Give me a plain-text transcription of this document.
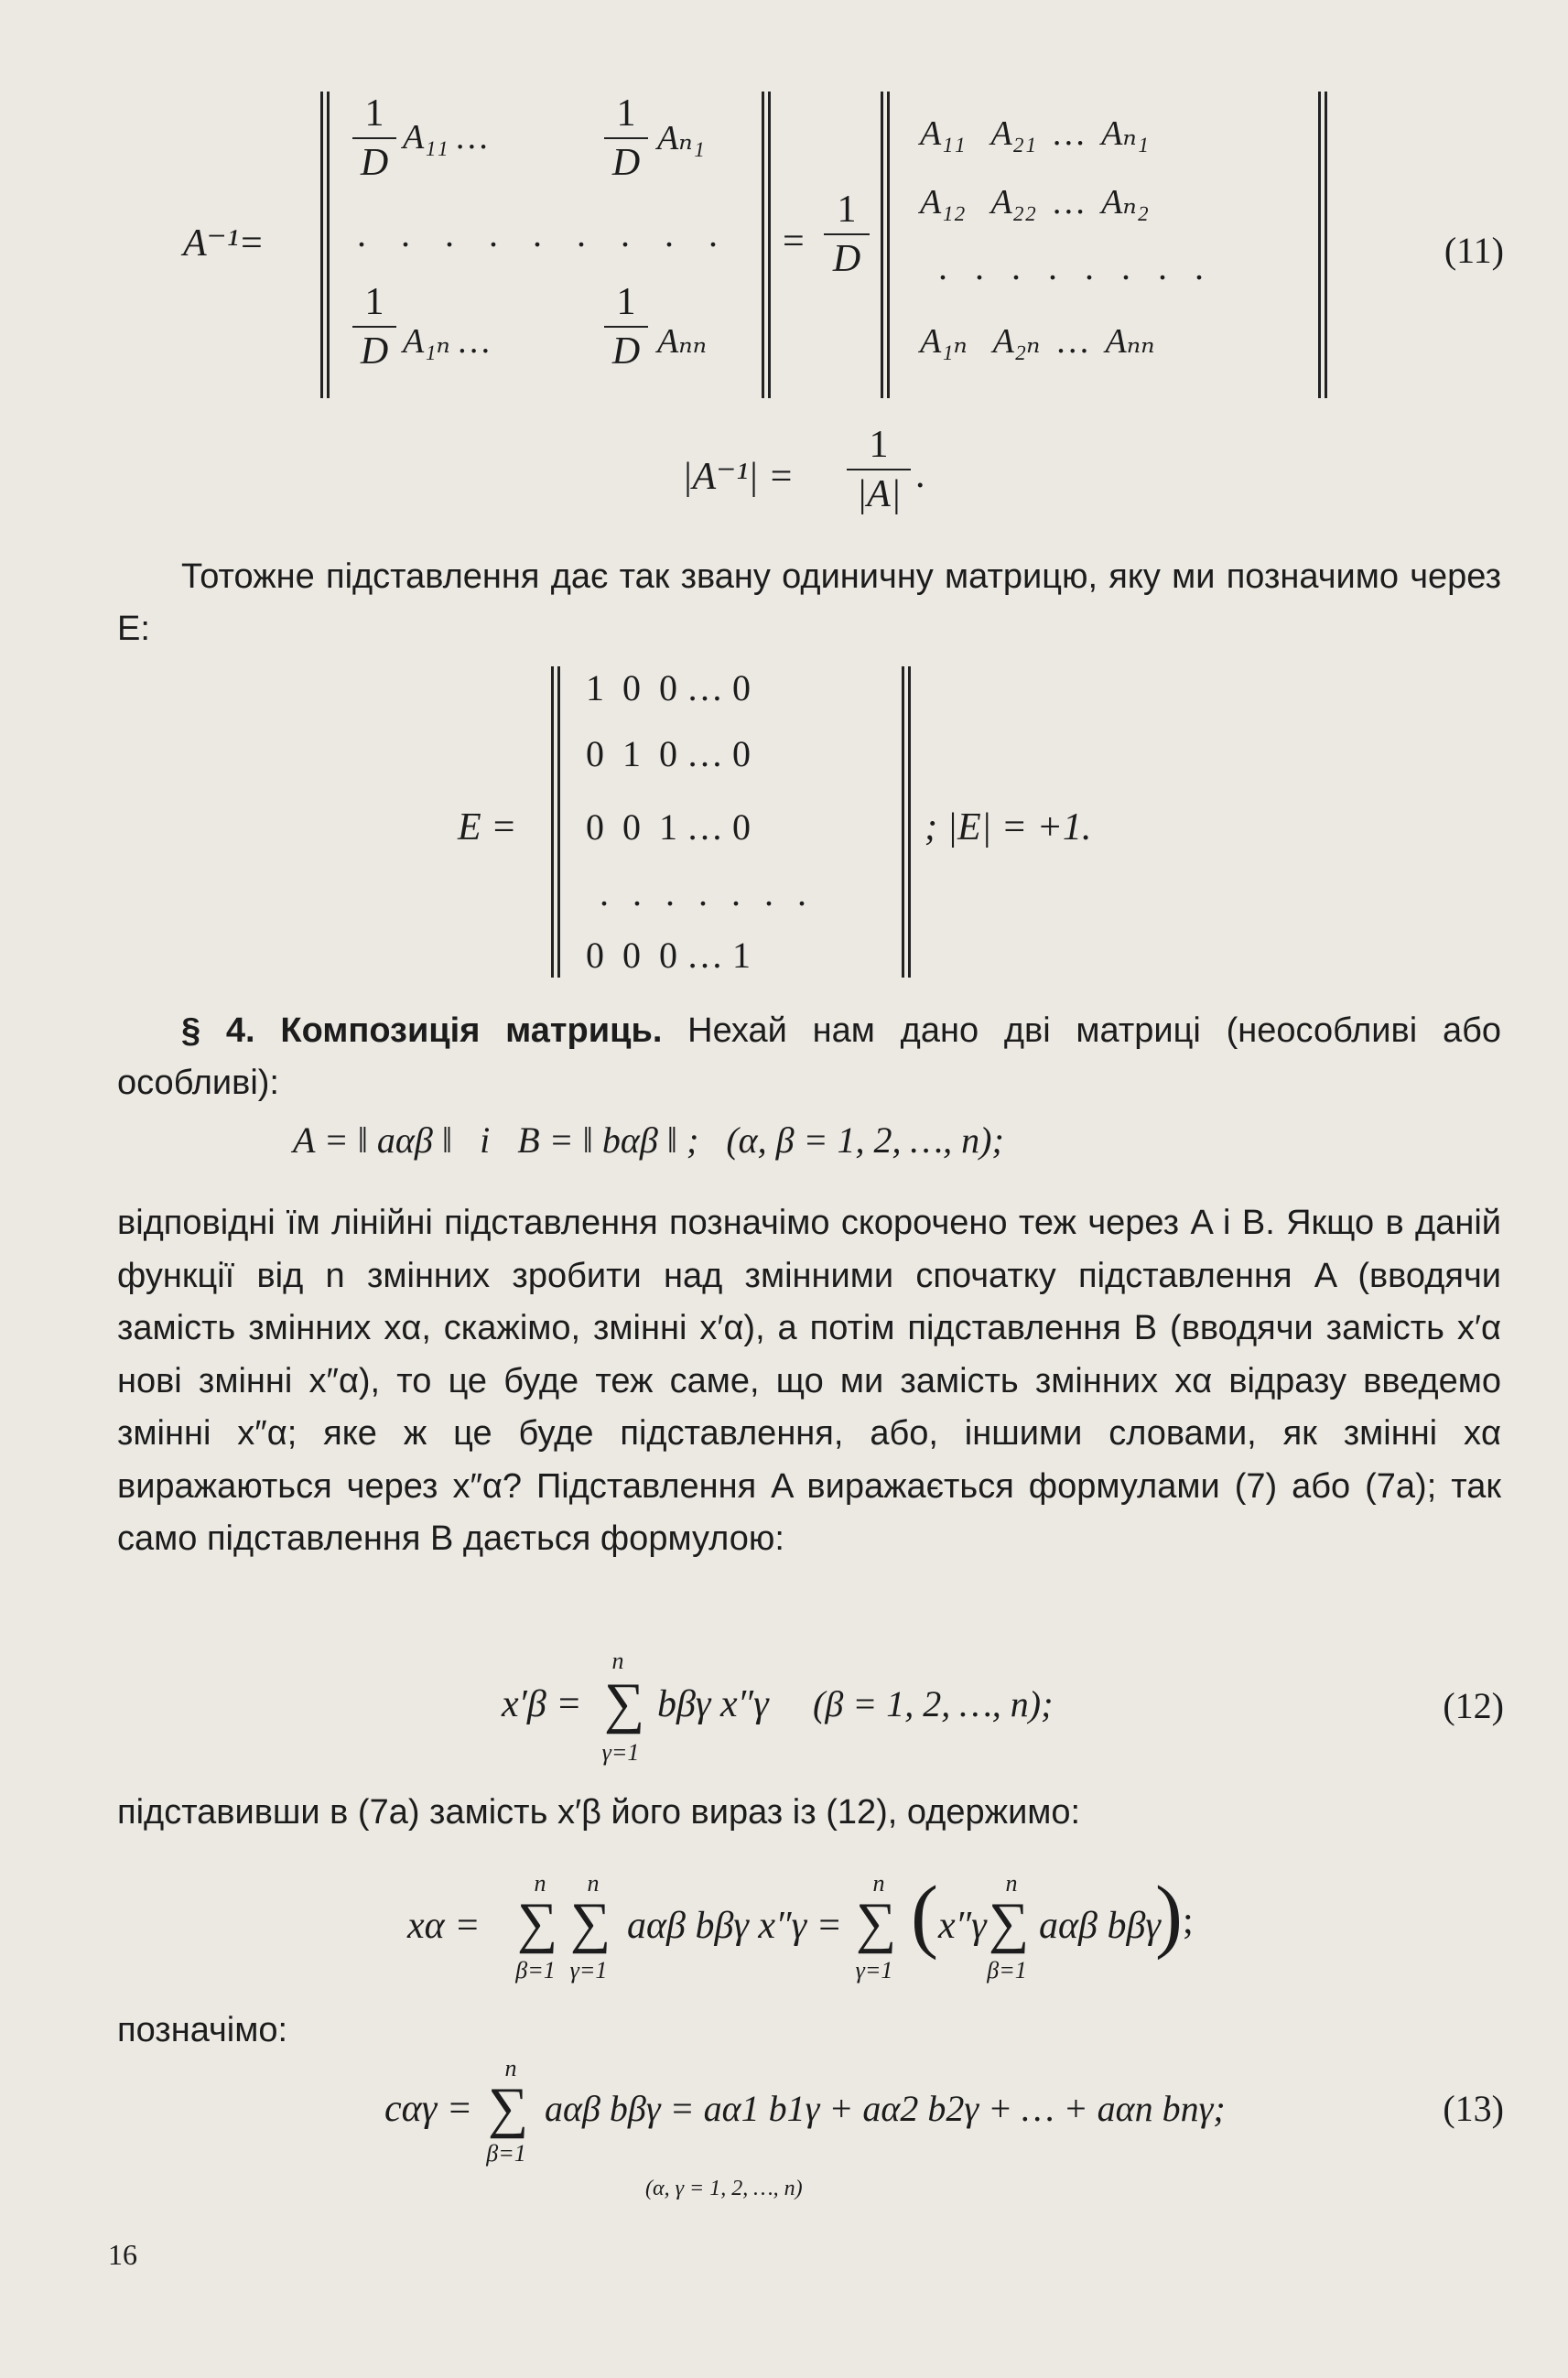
A⁻¹=
1
D
A₁₁ …
1
D
Aₙ₁
. . . . . . . . .
1
D A₁ₙ …
1
D Aₙₙ
=
1
D
A₁₁   A₂₁  …  Aₙ₁
A₁₂   A₂₂  …  Aₙ₂
. . . . . . . .
A₁ₙ   A₂ₙ  …  Aₙₙ
(11)
|A⁻¹| =
1
|A| .
Тотожне підставлення дає так звану одиничну матрицю, яку ми позначимо через E:
E =
1  0  0 … 0
0  1  0 … 0
0  0  1 … 0
. . . . . . .
0  0  0 … 1
; |E| = +1.
§ 4. Композиція матриць. Нехай нам дано дві матриці (неособливі або особливі):
A = ‖ aαβ ‖   і   B = ‖ bαβ ‖ ;   (α, β = 1, 2, …, n);
відповідні їм лінійні підставлення позначімо скорочено теж через A і B. Якщо в даній функції від n змінних зробити над змінними спочатку підставлення A (вводячи замість змінних xα, скажімо, змінні x′α), а потім підставлення B (вводячи замість x′α нові змінні x″α), то це буде теж саме, що ми замість змінних xα відразу введемо змінні x″α; яке ж це буде підставлення, або, іншими словами, як змінні xα виражаються через x″α? Підставлення A виражається формулами (7) або (7a); так само підставлення B дається формулою:
x′β =
n
∑
γ=1
bβγ x″γ (β = 1, 2, …, n);	(12)
підставивши в (7a) замість x′β його вираз із (12), одержимо:
xα =
n
∑
β=1
n
∑
γ=1
aαβ bβγ x″γ =
n
∑
γ=1
( x″γ
n
∑
β=1
aαβ bβγ
) ;
позначімо:
cαγ =
n
∑
β=1
aαβ bβγ = aα1 b1γ + aα2 b2γ + … + aαn bnγ;	(13)
(α, γ = 1, 2, …, n)
16
